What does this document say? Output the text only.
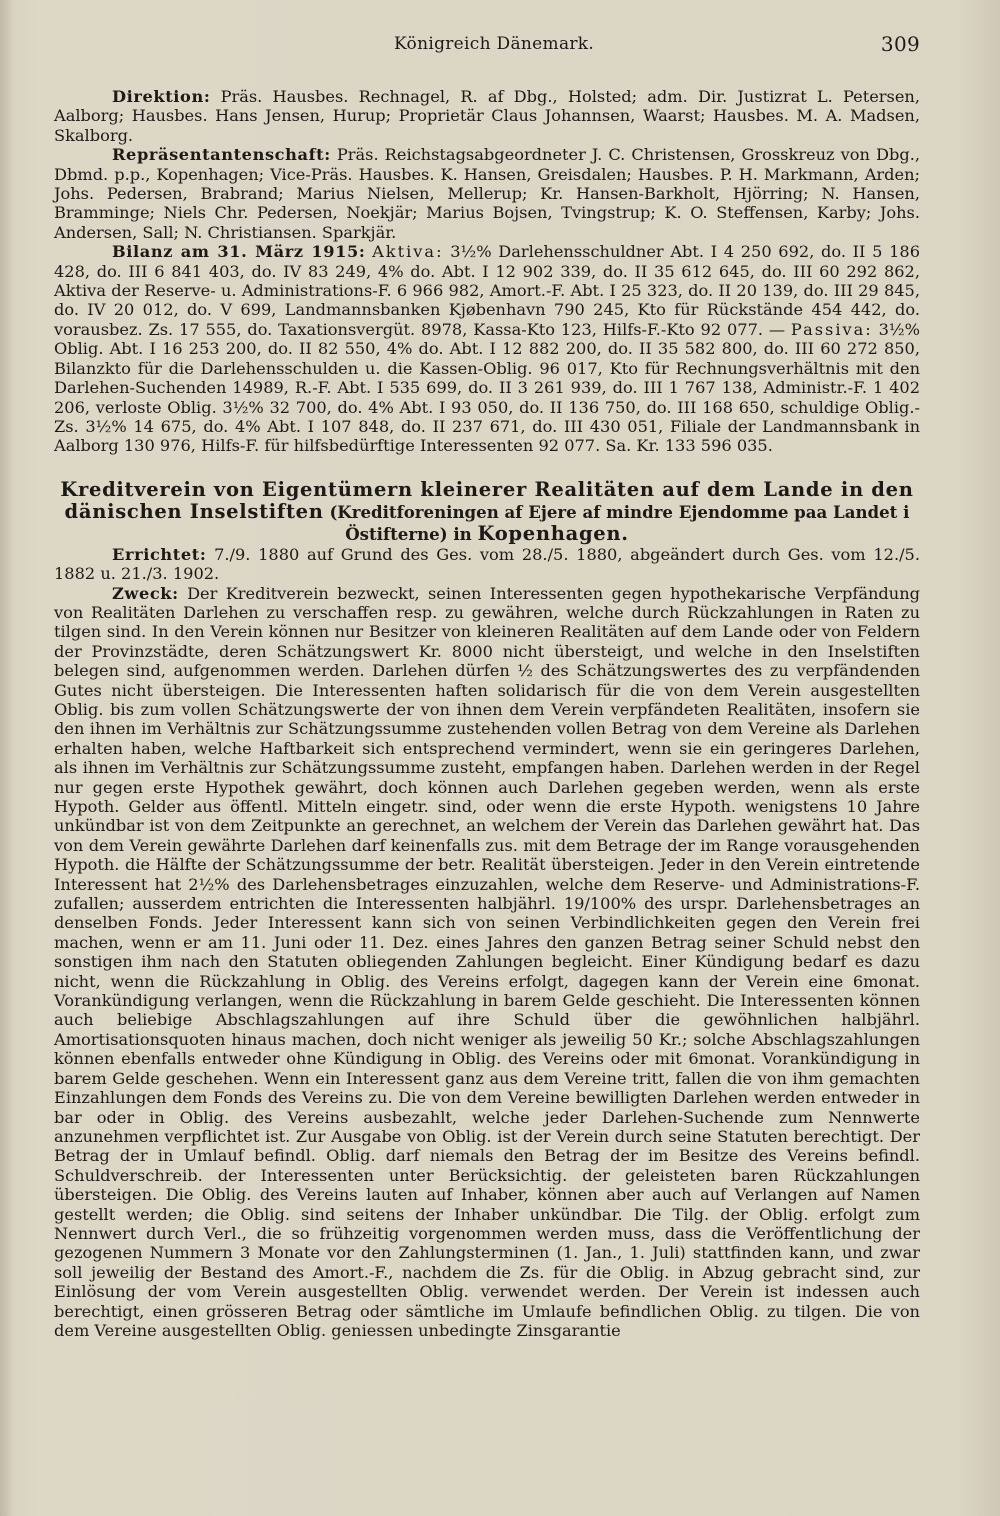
Königreich Dänemark.	309

Direktion: Präs. Hausbes. Rechnagel, R. af Dbg., Holsted; adm. Dir. Justizrat L. Petersen, Aalborg; Hausbes. Hans Jensen, Hurup; Proprietär Claus Johannsen, Waarst; Hausbes. M. A. Madsen, Skalborg.

Repräsentantenschaft: Präs. Reichstagsabgeordneter J. C. Christensen, Grosskreuz von Dbg., Dbmd. p.p., Kopenhagen; Vice-Präs. Hausbes. K. Hansen, Greisdalen; Hausbes. P. H. Markmann, Arden; Johs. Pedersen, Brabrand; Marius Nielsen, Mellerup; Kr. Hansen-Barkholt, Hjörring; N. Hansen, Bramminge; Niels Chr. Pedersen, Noekjär; Marius Bojsen, Tvingstrup; K. O. Steffensen, Karby; Johs. Andersen, Sall; N. Christiansen. Sparkjär.

Bilanz am 31. März 1915: Aktiva: 3½% Darlehensschuldner Abt. I 4 250 692, do. II 5 186 428, do. III 6 841 403, do. IV 83 249, 4% do. Abt. I 12 902 339, do. II 35 612 645, do. III 60 292 862, Aktiva der Reserve- u. Administrations-F. 6 966 982, Amort.-F. Abt. I 25 323, do. II 20 139, do. III 29 845, do. IV 20 012, do. V 699, Landmannsbanken Kjøbenhavn 790 245, Kto für Rückstände 454 442, do. vorausbez. Zs. 17 555, do. Taxationsvergüt. 8978, Kassa-Kto 123, Hilfs-F.-Kto 92 077. — Passiva: 3½% Oblig. Abt. I 16 253 200, do. II 82 550, 4% do. Abt. I 12 882 200, do. II 35 582 800, do. III 60 272 850, Bilanzkto für die Darlehensschulden u. die Kassen-Oblig. 96 017, Kto für Rechnungsverhältnis mit den Darlehen-Suchenden 14989, R.-F. Abt. I 535 699, do. II 3 261 939, do. III 1 767 138, Administr.-F. 1 402 206, verloste Oblig. 3½% 32 700, do. 4% Abt. I 93 050, do. II 136 750, do. III 168 650, schuldige Oblig.-Zs. 3½% 14 675, do. 4% Abt. I 107 848, do. II 237 671, do. III 430 051, Filiale der Landmannsbank in Aalborg 130 976, Hilfs-F. für hilfsbedürftige Interessenten 92 077. Sa. Kr. 133 596 035.

Kreditverein von Eigentümern kleinerer Realitäten auf dem Lande in den dänischen Inselstiften (Kreditforeningen af Ejere af mindre Ejendomme paa Landet i Östifterne) in Kopenhagen.

Errichtet: 7./9. 1880 auf Grund des Ges. vom 28./5. 1880, abgeändert durch Ges. vom 12./5. 1882 u. 21./3. 1902.

Zweck: Der Kreditverein bezweckt, seinen Interessenten gegen hypothekarische Verpfändung von Realitäten Darlehen zu verschaffen resp. zu gewähren, welche durch Rückzahlungen in Raten zu tilgen sind. In den Verein können nur Besitzer von kleineren Realitäten auf dem Lande oder von Feldern der Provinzstädte, deren Schätzungswert Kr. 8000 nicht übersteigt, und welche in den Inselstiften belegen sind, aufgenommen werden. Darlehen dürfen ½ des Schätzungswertes des zu verpfändenden Gutes nicht übersteigen. Die Interessenten haften solidarisch für die von dem Verein ausgestellten Oblig. bis zum vollen Schätzungswerte der von ihnen dem Verein verpfändeten Realitäten, insofern sie den ihnen im Verhältnis zur Schätzungssumme zustehenden vollen Betrag von dem Vereine als Darlehen erhalten haben, welche Haftbarkeit sich entsprechend vermindert, wenn sie ein geringeres Darlehen, als ihnen im Verhältnis zur Schätzungssumme zusteht, empfangen haben. Darlehen werden in der Regel nur gegen erste Hypothek gewährt, doch können auch Darlehen gegeben werden, wenn als erste Hypoth. Gelder aus öffentl. Mitteln eingetr. sind, oder wenn die erste Hypoth. wenigstens 10 Jahre unkündbar ist von dem Zeitpunkte an gerechnet, an welchem der Verein das Darlehen gewährt hat. Das von dem Verein gewährte Darlehen darf keinenfalls zus. mit dem Betrage der im Range vorausgehenden Hypoth. die Hälfte der Schätzungssumme der betr. Realität übersteigen. Jeder in den Verein eintretende Interessent hat 2½% des Darlehensbetrages einzuzahlen, welche dem Reserve- und Administrations-F. zufallen; ausserdem entrichten die Interessenten halbjährl. 19/100% des urspr. Darlehensbetrages an denselben Fonds. Jeder Interessent kann sich von seinen Verbindlichkeiten gegen den Verein frei machen, wenn er am 11. Juni oder 11. Dez. eines Jahres den ganzen Betrag seiner Schuld nebst den sonstigen ihm nach den Statuten obliegenden Zahlungen begleicht. Einer Kündigung bedarf es dazu nicht, wenn die Rückzahlung in Oblig. des Vereins erfolgt, dagegen kann der Verein eine 6monat. Vorankündigung verlangen, wenn die Rückzahlung in barem Gelde geschieht. Die Interessenten können auch beliebige Abschlagszahlungen auf ihre Schuld über die gewöhnlichen halbjährl. Amortisationsquoten hinaus machen, doch nicht weniger als jeweilig 50 Kr.; solche Abschlagszahlungen können ebenfalls entweder ohne Kündigung in Oblig. des Vereins oder mit 6monat. Vorankündigung in barem Gelde geschehen. Wenn ein Interessent ganz aus dem Vereine tritt, fallen die von ihm gemachten Einzahlungen dem Fonds des Vereins zu. Die von dem Vereine bewilligten Darlehen werden entweder in bar oder in Oblig. des Vereins ausbezahlt, welche jeder Darlehen-Suchende zum Nennwerte anzunehmen verpflichtet ist. Zur Ausgabe von Oblig. ist der Verein durch seine Statuten berechtigt. Der Betrag der in Umlauf befindl. Oblig. darf niemals den Betrag der im Besitze des Vereins befindl. Schuldverschreib. der Interessenten unter Berücksichtig. der geleisteten baren Rückzahlungen übersteigen. Die Oblig. des Vereins lauten auf Inhaber, können aber auch auf Verlangen auf Namen gestellt werden; die Oblig. sind seitens der Inhaber unkündbar. Die Tilg. der Oblig. erfolgt zum Nennwert durch Verl., die so frühzeitig vorgenommen werden muss, dass die Veröffentlichung der gezogenen Nummern 3 Monate vor den Zahlungsterminen (1. Jan., 1. Juli) stattfinden kann, und zwar soll jeweilig der Bestand des Amort.-F., nachdem die Zs. für die Oblig. in Abzug gebracht sind, zur Einlösung der vom Verein ausgestellten Oblig. verwendet werden. Der Verein ist indessen auch berechtigt, einen grösseren Betrag oder sämtliche im Umlaufe befindlichen Oblig. zu tilgen. Die von dem Vereine ausgestellten Oblig. geniessen unbedingte Zinsgarantie
